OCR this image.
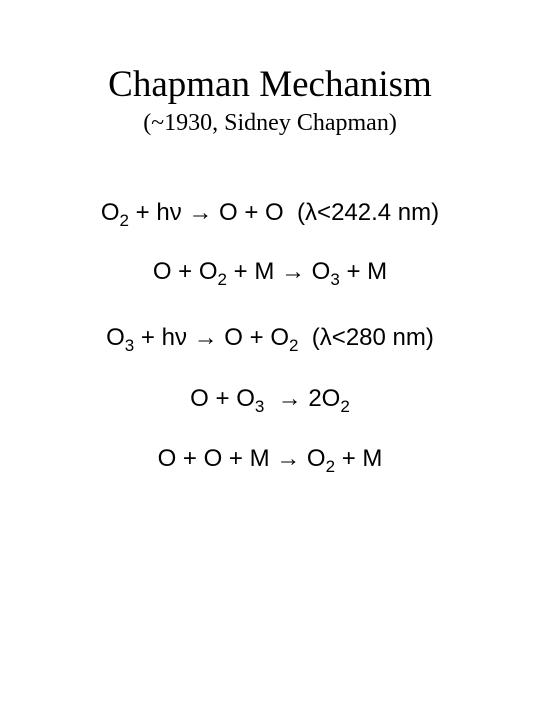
Chapman Mechanism
(~1930, Sidney Chapman)
$O_2 + h\nu \to O + O$  (λ<242.4 nm)
$O + O_2 + M \to O_3 + M$
$O_3 + h\nu \to O + O_2$  (λ<280 nm)
$O + O_3 \to 2O_2$
$O + O + M \to O_2 + M$
